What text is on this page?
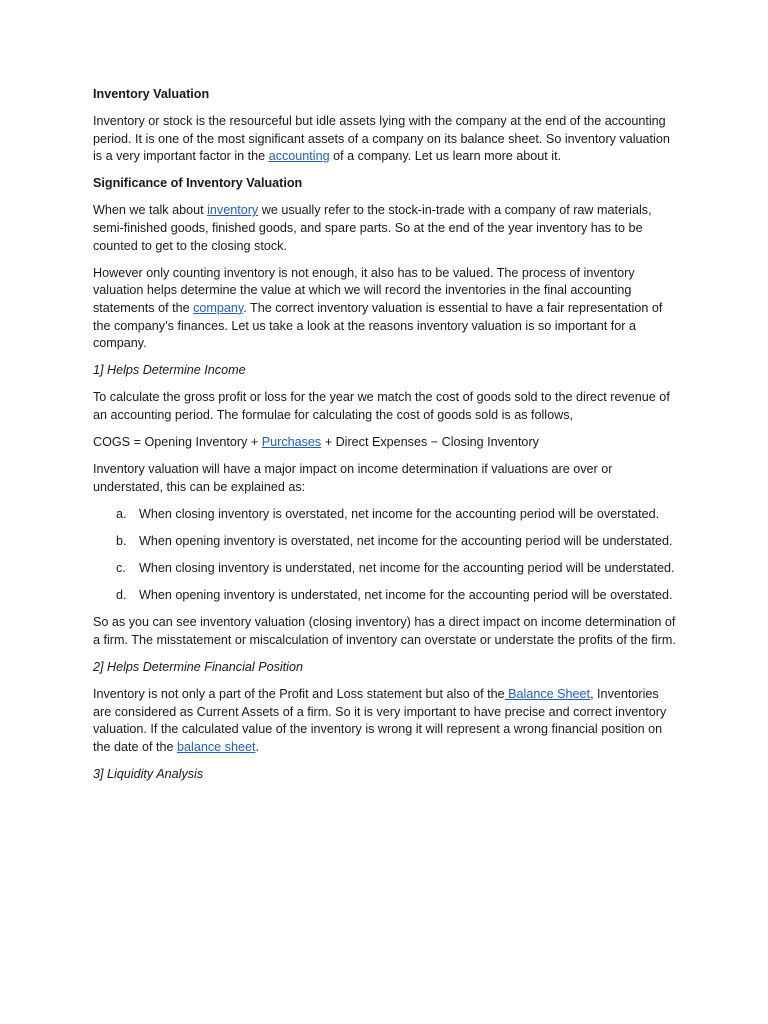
Inventory Valuation

Inventory or stock is the resourceful but idle assets lying with the company at the end of the accounting period. It is one of the most significant assets of a company on its balance sheet. So inventory valuation is a very important factor in the accounting of a company. Let us learn more about it.

Significance of Inventory Valuation

When we talk about inventory we usually refer to the stock-in-trade with a company of raw materials, semi-finished goods, finished goods, and spare parts. So at the end of the year inventory has to be counted to get to the closing stock.

However only counting inventory is not enough, it also has to be valued. The process of inventory valuation helps determine the value at which we will record the inventories in the final accounting statements of the company. The correct inventory valuation is essential to have a fair representation of the company’s finances. Let us take a look at the reasons inventory valuation is so important for a company.

1] Helps Determine Income

To calculate the gross profit or loss for the year we match the cost of goods sold to the direct revenue of an accounting period. The formulae for calculating the cost of goods sold is as follows,

COGS = Opening Inventory + Purchases + Direct Expenses − Closing Inventory

Inventory valuation will have a major impact on income determination if valuations are over or understated, this can be explained as:

a. When closing inventory is overstated, net income for the accounting period will be overstated.
b. When opening inventory is overstated, net income for the accounting period will be understated.
c. When closing inventory is understated, net income for the accounting period will be understated.
d. When opening inventory is understated, net income for the accounting period will be overstated.

So as you can see inventory valuation (closing inventory) has a direct impact on income determination of a firm. The misstatement or miscalculation of inventory can overstate or understate the profits of the firm.

2] Helps Determine Financial Position

Inventory is not only a part of the Profit and Loss statement but also of the Balance Sheet, Inventories are considered as Current Assets of a firm. So it is very important to have precise and correct inventory valuation. If the calculated value of the inventory is wrong it will represent a wrong financial position on the date of the balance sheet.

3] Liquidity Analysis
